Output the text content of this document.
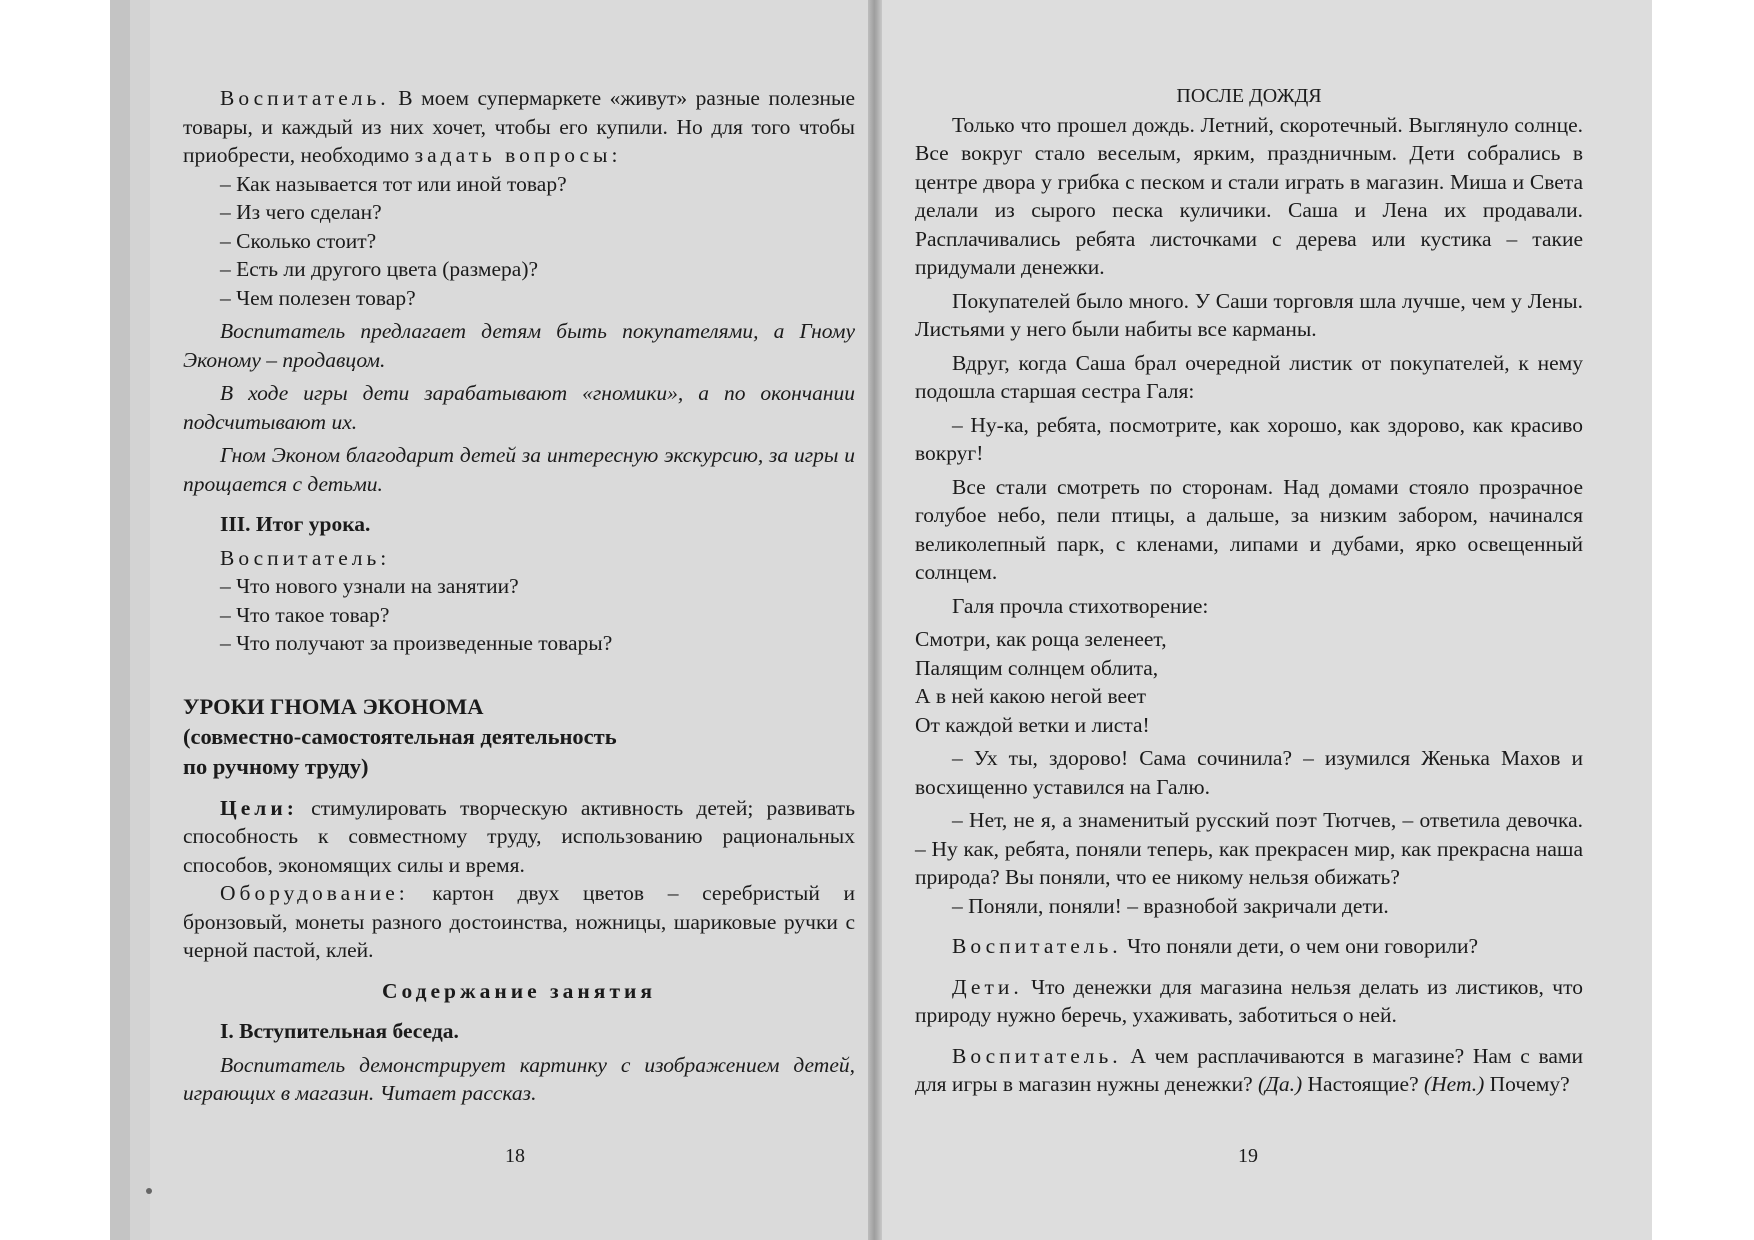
Воспитатель. В моем супермаркете «живут» разные полезные товары, и каждый из них хочет, чтобы его купили. Но для того чтобы приобрести, необходимо задать вопросы:

– Как называется тот или иной товар?

– Из чего сделан?

– Сколько стоит?

– Есть ли другого цвета (размера)?

– Чем полезен товар?

Воспитатель предлагает детям быть покупателями, а Гному Эконому – продавцом.

В ходе игры дети зарабатывают «гномики», а по окончании подсчитывают их.

Гном Эконом благодарит детей за интересную экскурсию, за игры и прощается с детьми.

III. Итог урока.

Воспитатель:

– Что нового узнали на занятии?

– Что такое товар?

– Что получают за произведенные товары?

УРОКИ ГНОМА ЭКОНОМА

(совместно-самостоятельная деятельность

по ручному труду)

Цели: стимулировать творческую активность детей; развивать способность к совместному труду, использованию рациональных способов, экономящих силы и время.

Оборудование: картон двух цветов – серебристый и бронзовый, монеты разного достоинства, ножницы, шариковые ручки с черной пастой, клей.

Содержание занятия

I. Вступительная беседа.

Воспитатель демонстрирует картинку с изображением детей, играющих в магазин. Читает рассказ.

18

ПОСЛЕ ДОЖДЯ

Только что прошел дождь. Летний, скоротечный. Выглянуло солнце. Все вокруг стало веселым, ярким, праздничным. Дети собрались в центре двора у грибка с песком и стали играть в магазин. Миша и Света делали из сырого песка куличики. Саша и Лена их продавали. Расплачивались ребята листочками с дерева или кустика – такие придумали денежки.

Покупателей было много. У Саши торговля шла лучше, чем у Лены. Листьями у него были набиты все карманы.

Вдруг, когда Саша брал очередной листик от покупателей, к нему подошла старшая сестра Галя:

– Ну-ка, ребята, посмотрите, как хорошо, как здорово, как красиво вокруг!

Все стали смотреть по сторонам. Над домами стояло прозрачное голубое небо, пели птицы, а дальше, за низким забором, начинался великолепный парк, с кленами, липами и дубами, ярко освещенный солнцем.

Галя прочла стихотворение:

Смотри, как роща зеленеет,

Палящим солнцем облита,

А в ней какою негой веет

От каждой ветки и листа!

– Ух ты, здорово! Сама сочинила? – изумился Женька Махов и восхищенно уставился на Галю.

– Нет, не я, а знаменитый русский поэт Тютчев, – ответила девочка. – Ну как, ребята, поняли теперь, как прекрасен мир, как прекрасна наша природа? Вы поняли, что ее никому нельзя обижать?

– Поняли, поняли! – вразнобой закричали дети.

Воспитатель. Что поняли дети, о чем они говорили?

Дети. Что денежки для магазина нельзя делать из листиков, что природу нужно беречь, ухаживать, заботиться о ней.

Воспитатель. А чем расплачиваются в магазине? Нам с вами для игры в магазин нужны денежки? (Да.) Настоящие? (Нет.) Почему?

19
